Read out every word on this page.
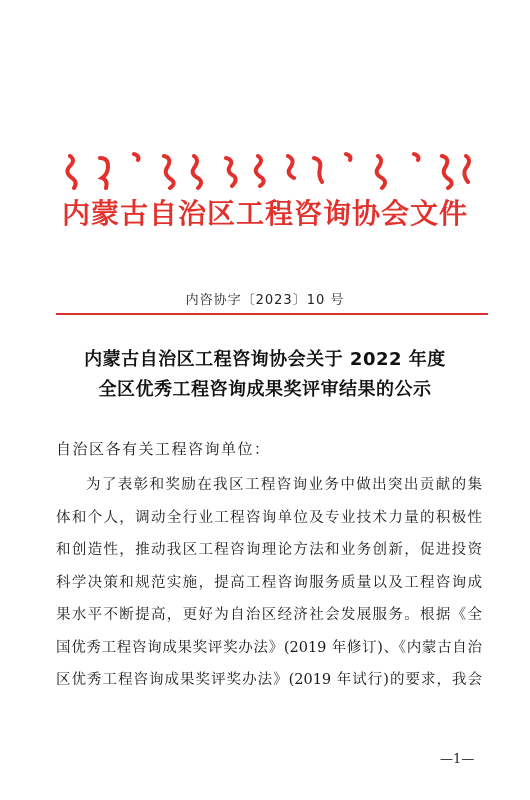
内蒙古自治区工程咨询协会文件
内咨协字〔2023〕10 号
内蒙古自治区工程咨询协会关于 2022 年度
全区优秀工程咨询成果奖评审结果的公示
自治区各有关工程咨询单位：
为了表彰和奖励在我区工程咨询业务中做出突出贡献的集
体和个人，调动全行业工程咨询单位及专业技术力量的积极性
和创造性，推动我区工程咨询理论方法和业务创新，促进投资
科学决策和规范实施，提高工程咨询服务质量以及工程咨询成
果水平不断提高，更好为自治区经济社会发展服务。根据《全
国优秀工程咨询成果奖评奖办法》(2019 年修订)、《内蒙古自治
区优秀工程咨询成果奖评奖办法》(2019 年试行)的要求，我会
—1—
